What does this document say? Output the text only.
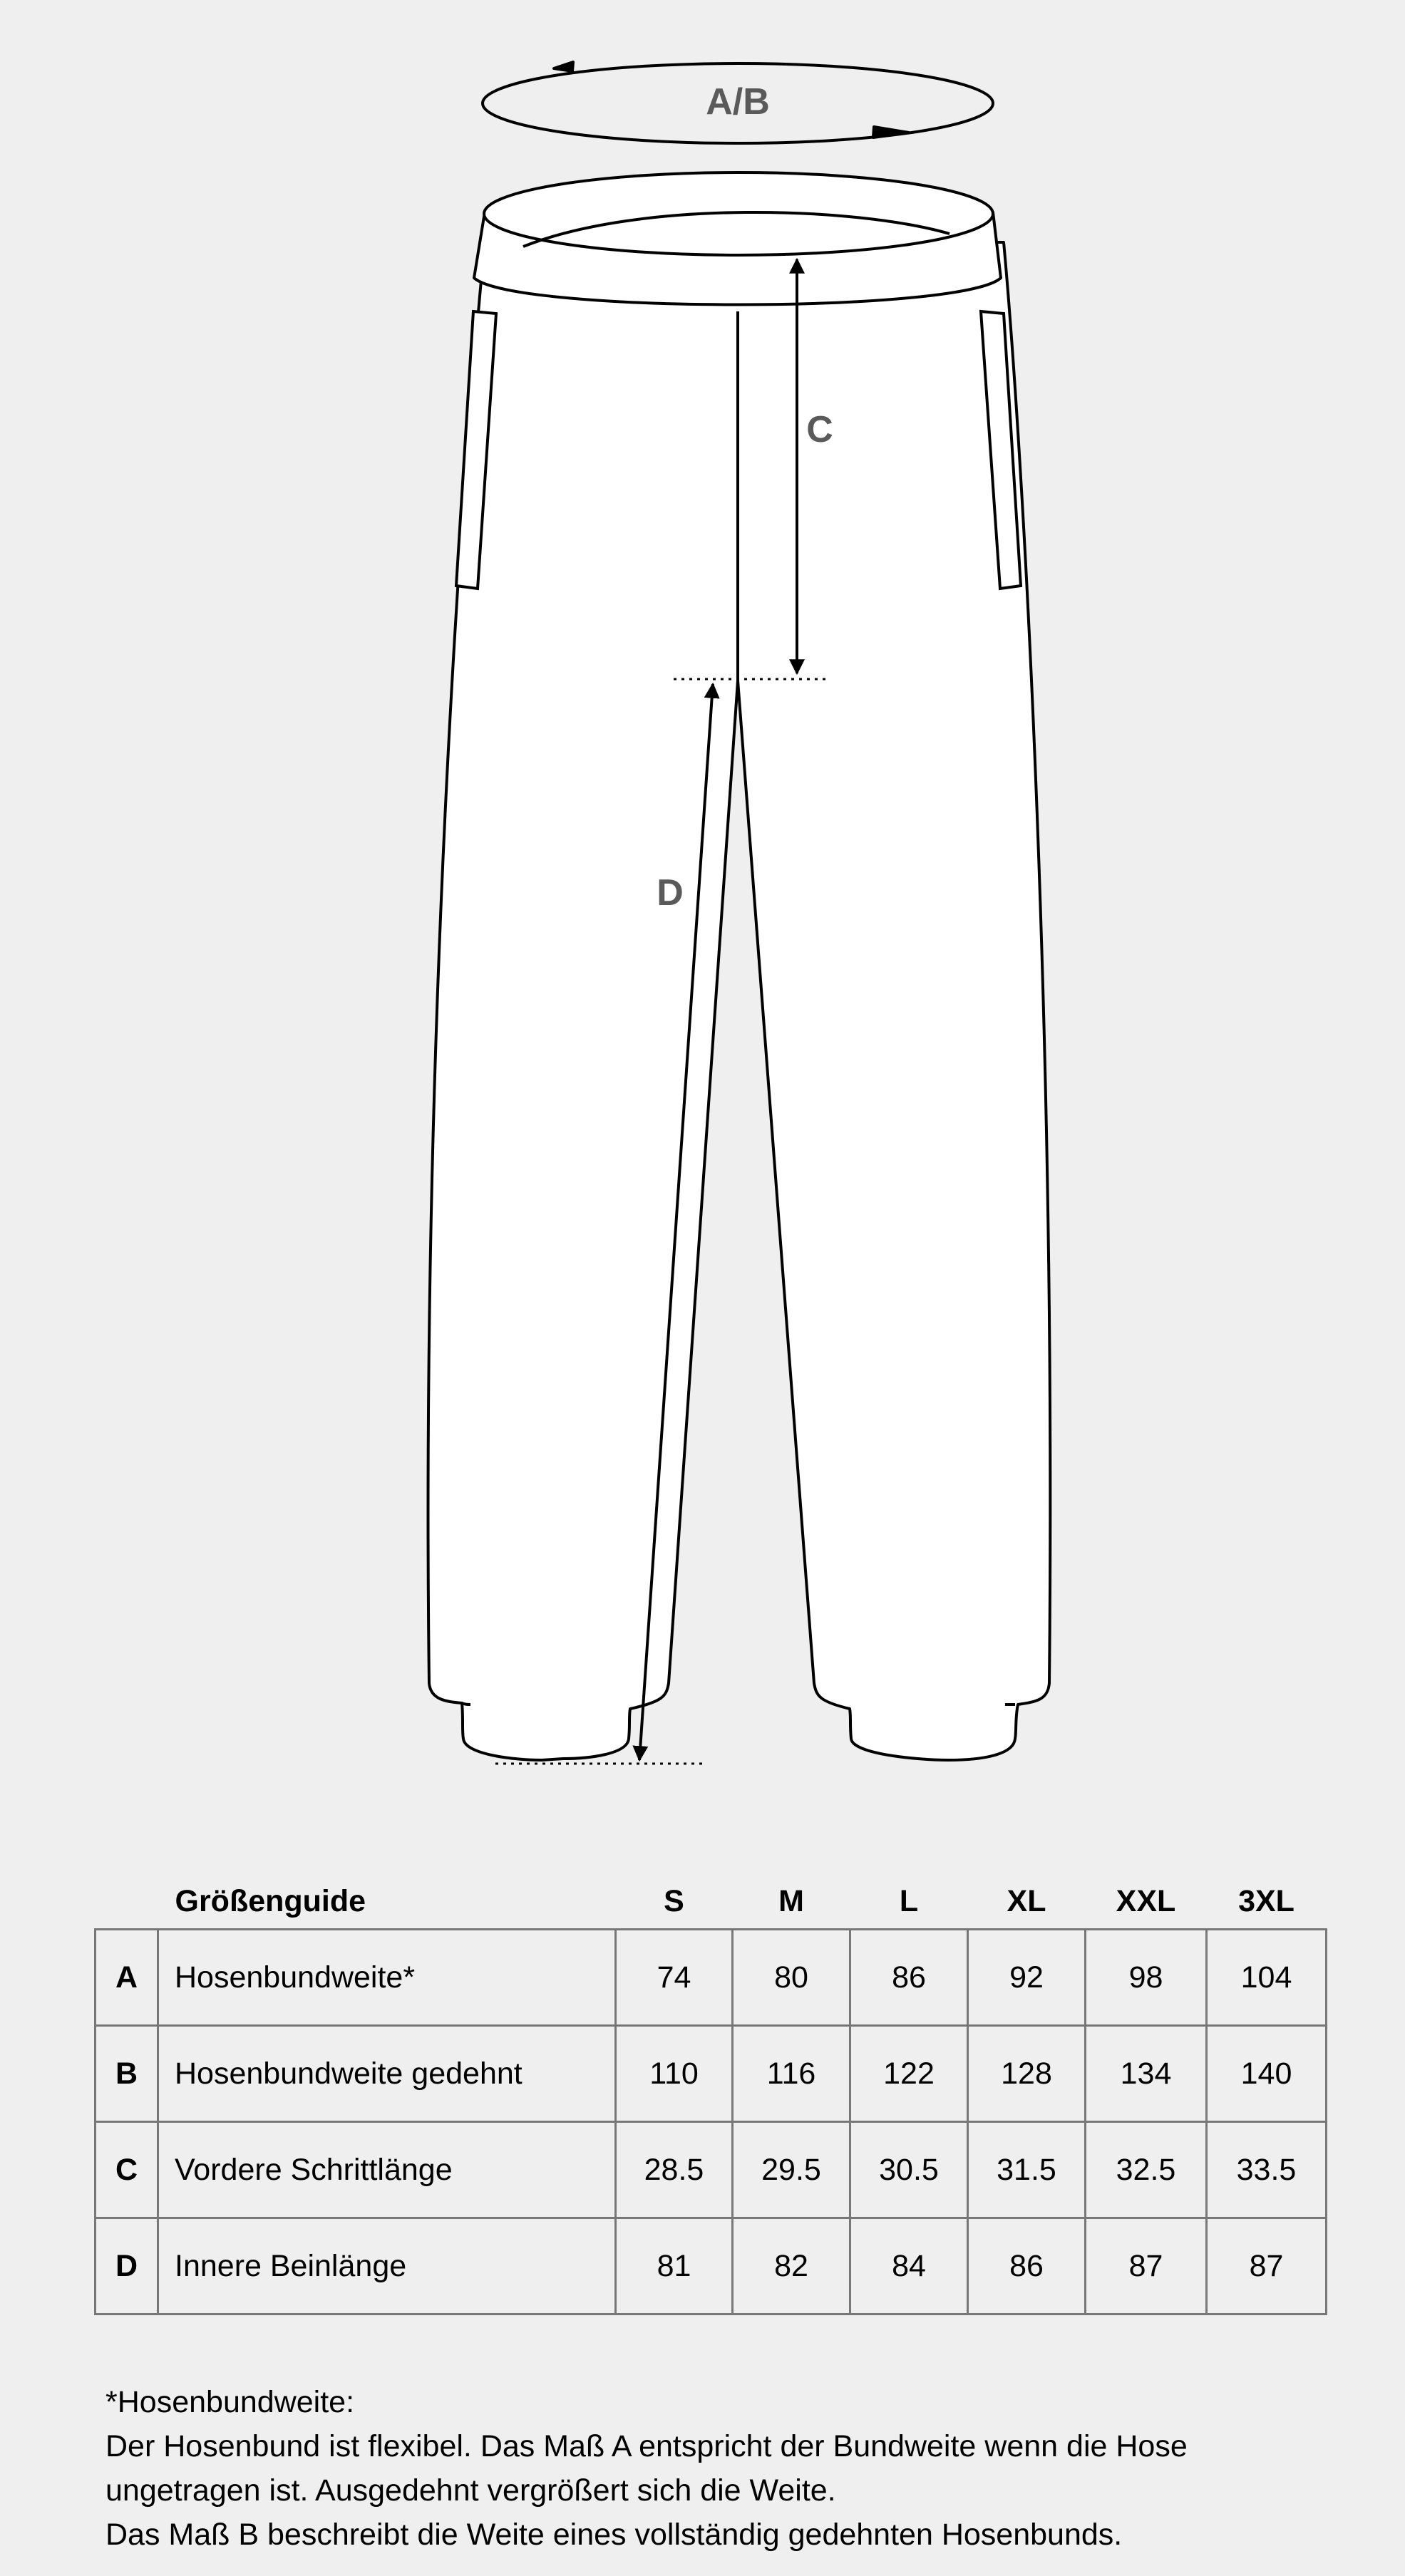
A/B
C
D
Größenguide		S	M	L	XL	XXL	3XL
A	Hosenbundweite*	74	80	86	92	98	104
B	Hosenbundweite gedehnt	110	116	122	128	134	140
C	Vordere Schrittlänge	28.5	29.5	30.5	31.5	32.5	33.5
D	Innere Beinlänge	81	82	84	86	87	87

*Hosenbundweite:

Der Hosenbund ist flexibel. Das Maß A entspricht der Bundweite wenn die Hose

ungetragen ist. Ausgedehnt vergrößert sich die Weite.

Das Maß B beschreibt die Weite eines vollständig gedehnten Hosenbunds.
